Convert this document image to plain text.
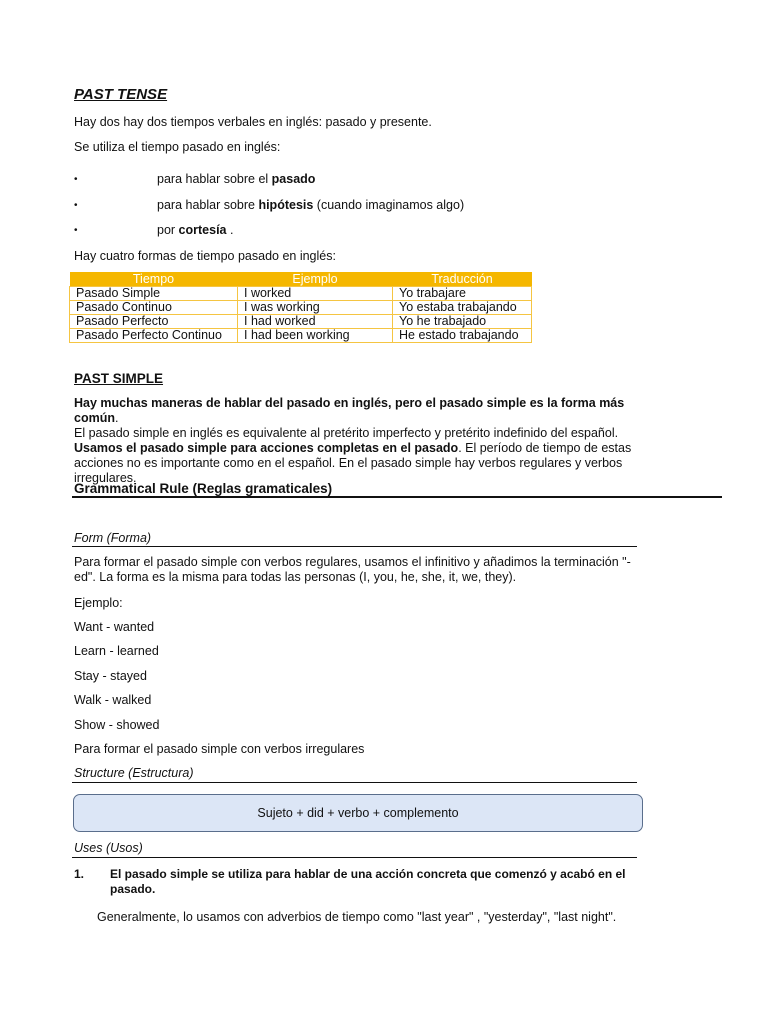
PAST TENSE
Hay dos hay dos tiempos verbales en inglés: pasado y presente.
Se utiliza el tiempo pasado en inglés:
•	para hablar sobre el pasado
•	para hablar sobre hipótesis (cuando imaginamos algo)
•	por cortesía .
Hay cuatro formas de tiempo pasado en inglés:
Tiempo	Ejemplo	Traducción
Pasado Simple	I worked	Yo trabajare
Pasado Continuo	I was working	Yo estaba trabajando
Pasado Perfecto	I had worked	Yo he trabajado
Pasado Perfecto Continuo	I had been working	He estado trabajando
PAST SIMPLE
Hay muchas maneras de hablar del pasado en inglés, pero el pasado simple es la forma más común.
El pasado simple en inglés es equivalente al pretérito imperfecto y pretérito indefinido del español. Usamos el pasado simple para acciones completas en el pasado. El período de tiempo de estas acciones no es importante como en el español. En el pasado simple hay verbos regulares y verbos irregulares.
Grammatical Rule (Reglas gramaticales)
Form (Forma)
Para formar el pasado simple con verbos regulares, usamos el infinitivo y añadimos la terminación "-ed". La forma es la misma para todas las personas (I, you, he, she, it, we, they).
Ejemplo:
Want - wanted
Learn - learned
Stay - stayed
Walk - walked
Show - showed
Para formar el pasado simple con verbos irregulares
Structure (Estructura)
Sujeto + did + verbo + complemento
Uses (Usos)
1. El pasado simple se utiliza para hablar de una acción concreta que comenzó y acabó en el pasado.
Generalmente, lo usamos con adverbios de tiempo como "last year" , "yesterday", "last night".
